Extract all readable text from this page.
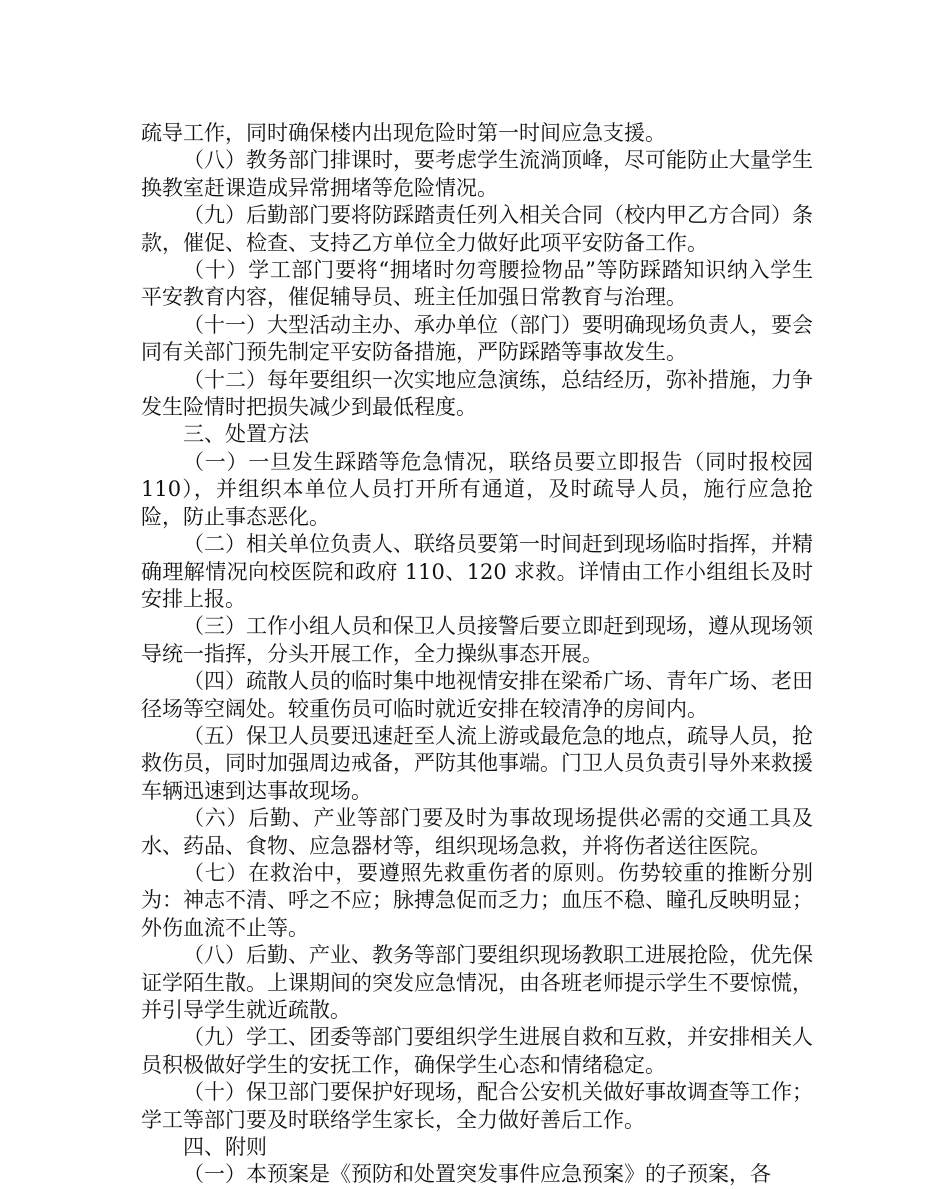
疏导工作，同时确保楼内出现危险时第一时间应急支援。

（八）教务部门排课时，要考虑学生流淌顶峰，尽可能防止大量学生换教室赶课造成异常拥堵等危险情况。

（九）后勤部门要将防踩踏责任列入相关合同（校内甲乙方合同）条款，催促、检查、支持乙方单位全力做好此项平安防备工作。

（十）学工部门要将“拥堵时勿弯腰捡物品”等防踩踏知识纳入学生平安教育内容，催促辅导员、班主任加强日常教育与治理。

（十一）大型活动主办、承办单位（部门）要明确现场负责人，要会同有关部门预先制定平安防备措施，严防踩踏等事故发生。

（十二）每年要组织一次实地应急演练，总结经历，弥补措施，力争发生险情时把损失减少到最低程度。

三、处置方法

（一）一旦发生踩踏等危急情况，联络员要立即报告（同时报校园110），并组织本单位人员打开所有通道，及时疏导人员，施行应急抢险，防止事态恶化。

（二）相关单位负责人、联络员要第一时间赶到现场临时指挥，并精确理解情况向校医院和政府 110、120 求救。详情由工作小组组长及时安排上报。

（三）工作小组人员和保卫人员接警后要立即赶到现场，遵从现场领导统一指挥，分头开展工作，全力操纵事态开展。

（四）疏散人员的临时集中地视情安排在梁希广场、青年广场、老田径场等空阔处。较重伤员可临时就近安排在较清净的房间内。

（五）保卫人员要迅速赶至人流上游或最危急的地点，疏导人员，抢救伤员，同时加强周边戒备，严防其他事端。门卫人员负责引导外来救援车辆迅速到达事故现场。

（六）后勤、产业等部门要及时为事故现场提供必需的交通工具及水、药品、食物、应急器材等，组织现场急救，并将伤者送往医院。

（七）在救治中，要遵照先救重伤者的原则。伤势较重的推断分别为：神志不清、呼之不应；脉搏急促而乏力；血压不稳、瞳孔反映明显；外伤血流不止等。

（八）后勤、产业、教务等部门要组织现场教职工进展抢险，优先保证学陌生散。上课期间的突发应急情况，由各班老师提示学生不要惊慌，并引导学生就近疏散。

（九）学工、团委等部门要组织学生进展自救和互救，并安排相关人员积极做好学生的安抚工作，确保学生心态和情绪稳定。

（十）保卫部门要保护好现场，配合公安机关做好事故调查等工作；学工等部门要及时联络学生家长，全力做好善后工作。

四、附则

（一）本预案是《预防和处置突发事件应急预案》的子预案，各
